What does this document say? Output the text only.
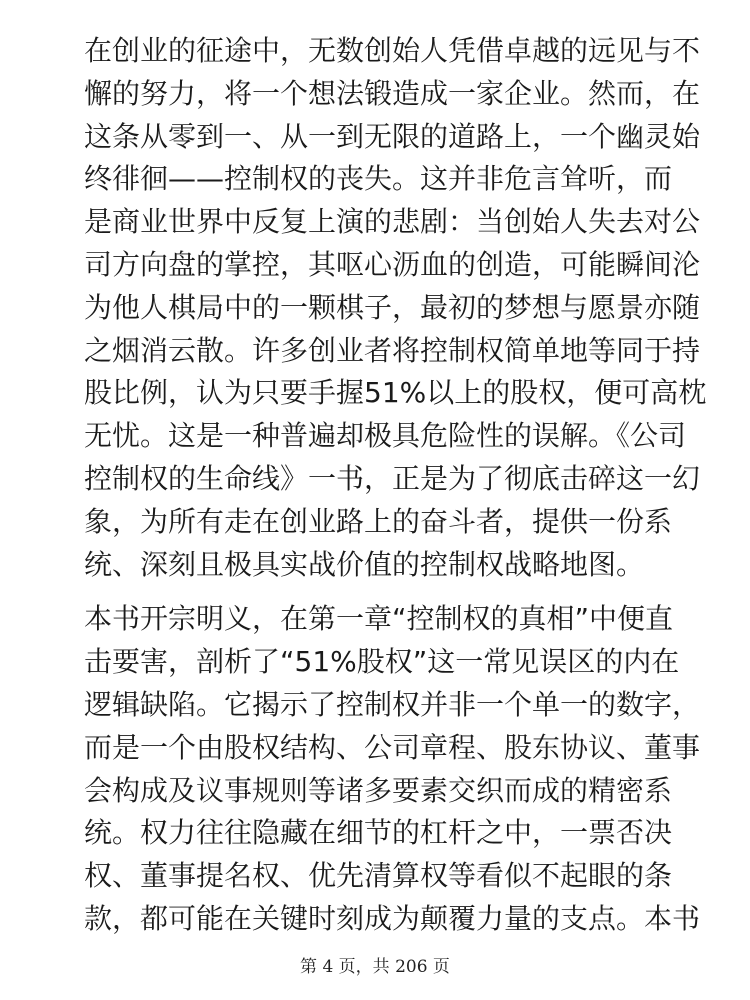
在创业的征途中，无数创始人凭借卓越的远见与不
懈的努力，将一个想法锻造成一家企业。然而，在
这条从零到一、从一到无限的道路上，一个幽灵始
终徘徊——控制权的丧失。这并非危言耸听，而
是商业世界中反复上演的悲剧：当创始人失去对公
司方向盘的掌控，其呕心沥血的创造，可能瞬间沦
为他人棋局中的一颗棋子，最初的梦想与愿景亦随
之烟消云散。许多创业者将控制权简单地等同于持
股比例，认为只要手握51%以上的股权，便可高枕
无忧。这是一种普遍却极具危险性的误解。《公司
控制权的生命线》一书，正是为了彻底击碎这一幻
象，为所有走在创业路上的奋斗者，提供一份系
统、深刻且极具实战价值的控制权战略地图。

本书开宗明义，在第一章“控制权的真相”中便直
击要害，剖析了“51%股权”这一常见误区的内在
逻辑缺陷。它揭示了控制权并非一个单一的数字，
而是一个由股权结构、公司章程、股东协议、董事
会构成及议事规则等诸多要素交织而成的精密系
统。权力往往隐藏在细节的杠杆之中，一票否决
权、董事提名权、优先清算权等看似不起眼的条
款，都可能在关键时刻成为颠覆力量的支点。本书

第 4 页，共 206 页
